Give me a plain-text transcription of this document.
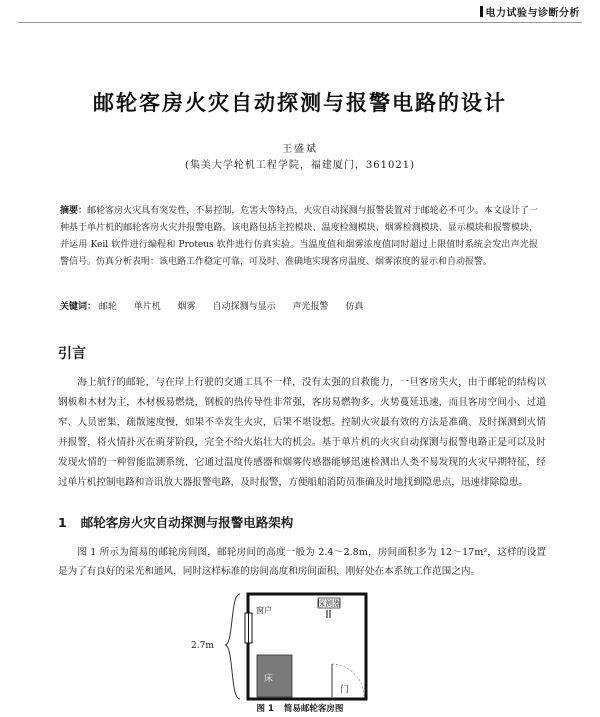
电力试验与诊断分析
邮轮客房火灾自动探测与报警电路的设计
王盛斌
(集美大学轮机工程学院，福建厦门，361021)
摘要：邮轮客房火灾具有突发性，不易控制，危害大等特点，火灾自动探测与报警装置对于邮轮必不可少。本文设计了一种基于单片机的邮轮客房火灾并报警电路。该电路包括主控模块、温度检测模块、烟雾检测模块、显示模块和报警模块，并运用 Keil 软件进行编程和 Proteus 软件进行仿真实验。当温度值和烟雾浓度值同时超过上限值时系统会发出声光报警信号。仿真分析表明：该电路工作稳定可靠，可及时、准确地实现客房温度、烟雾浓度的显示和自动报警。
关键词： 邮轮 单片机 烟雾 自动探测与显示 声光报警 仿真
引言
海上航行的邮轮，与在岸上行驶的交通工具不一样，没有太强的自救能力，一旦客房失火，由于邮轮的结构以钢板和木材为主，木材极易燃烧，钢板的热传导性非常强，客房易燃物多，火势蔓延迅速，而且客房空间小、过道窄、人员密集，疏散速度慢，如果不幸发生火灾，后果不堪设想。控制火灾最有效的方法是准确、及时探测到火情并报警，将火情扑灭在萌芽阶段，完全不给火焰壮大的机会。基于单片机的火灾自动探测与报警电路正是可以及时发现火情的一种智能监测系统，它通过温度传感器和烟雾传感器能够迅速检测出人类不易发现的火灾早期特征，经过单片机控制电路和音讯放大器报警电路，及时报警，方便船舶消防员准确及时地找到隐患点，迅速排除隐患。
1 邮轮客房火灾自动探测与报警电路架构
图 1 所示为简易的邮轮房间图，邮轮房间的高度一般为 2.4～2.8m，房间面积多为 12～17m²，这样的设置是为了有良好的采光和通风，同时这样标准的房间高度和房间面积，刚好处在本系统工作范围之内。
2.7m
窗户
探测器
床
门
图 1 简易邮轮客房图
